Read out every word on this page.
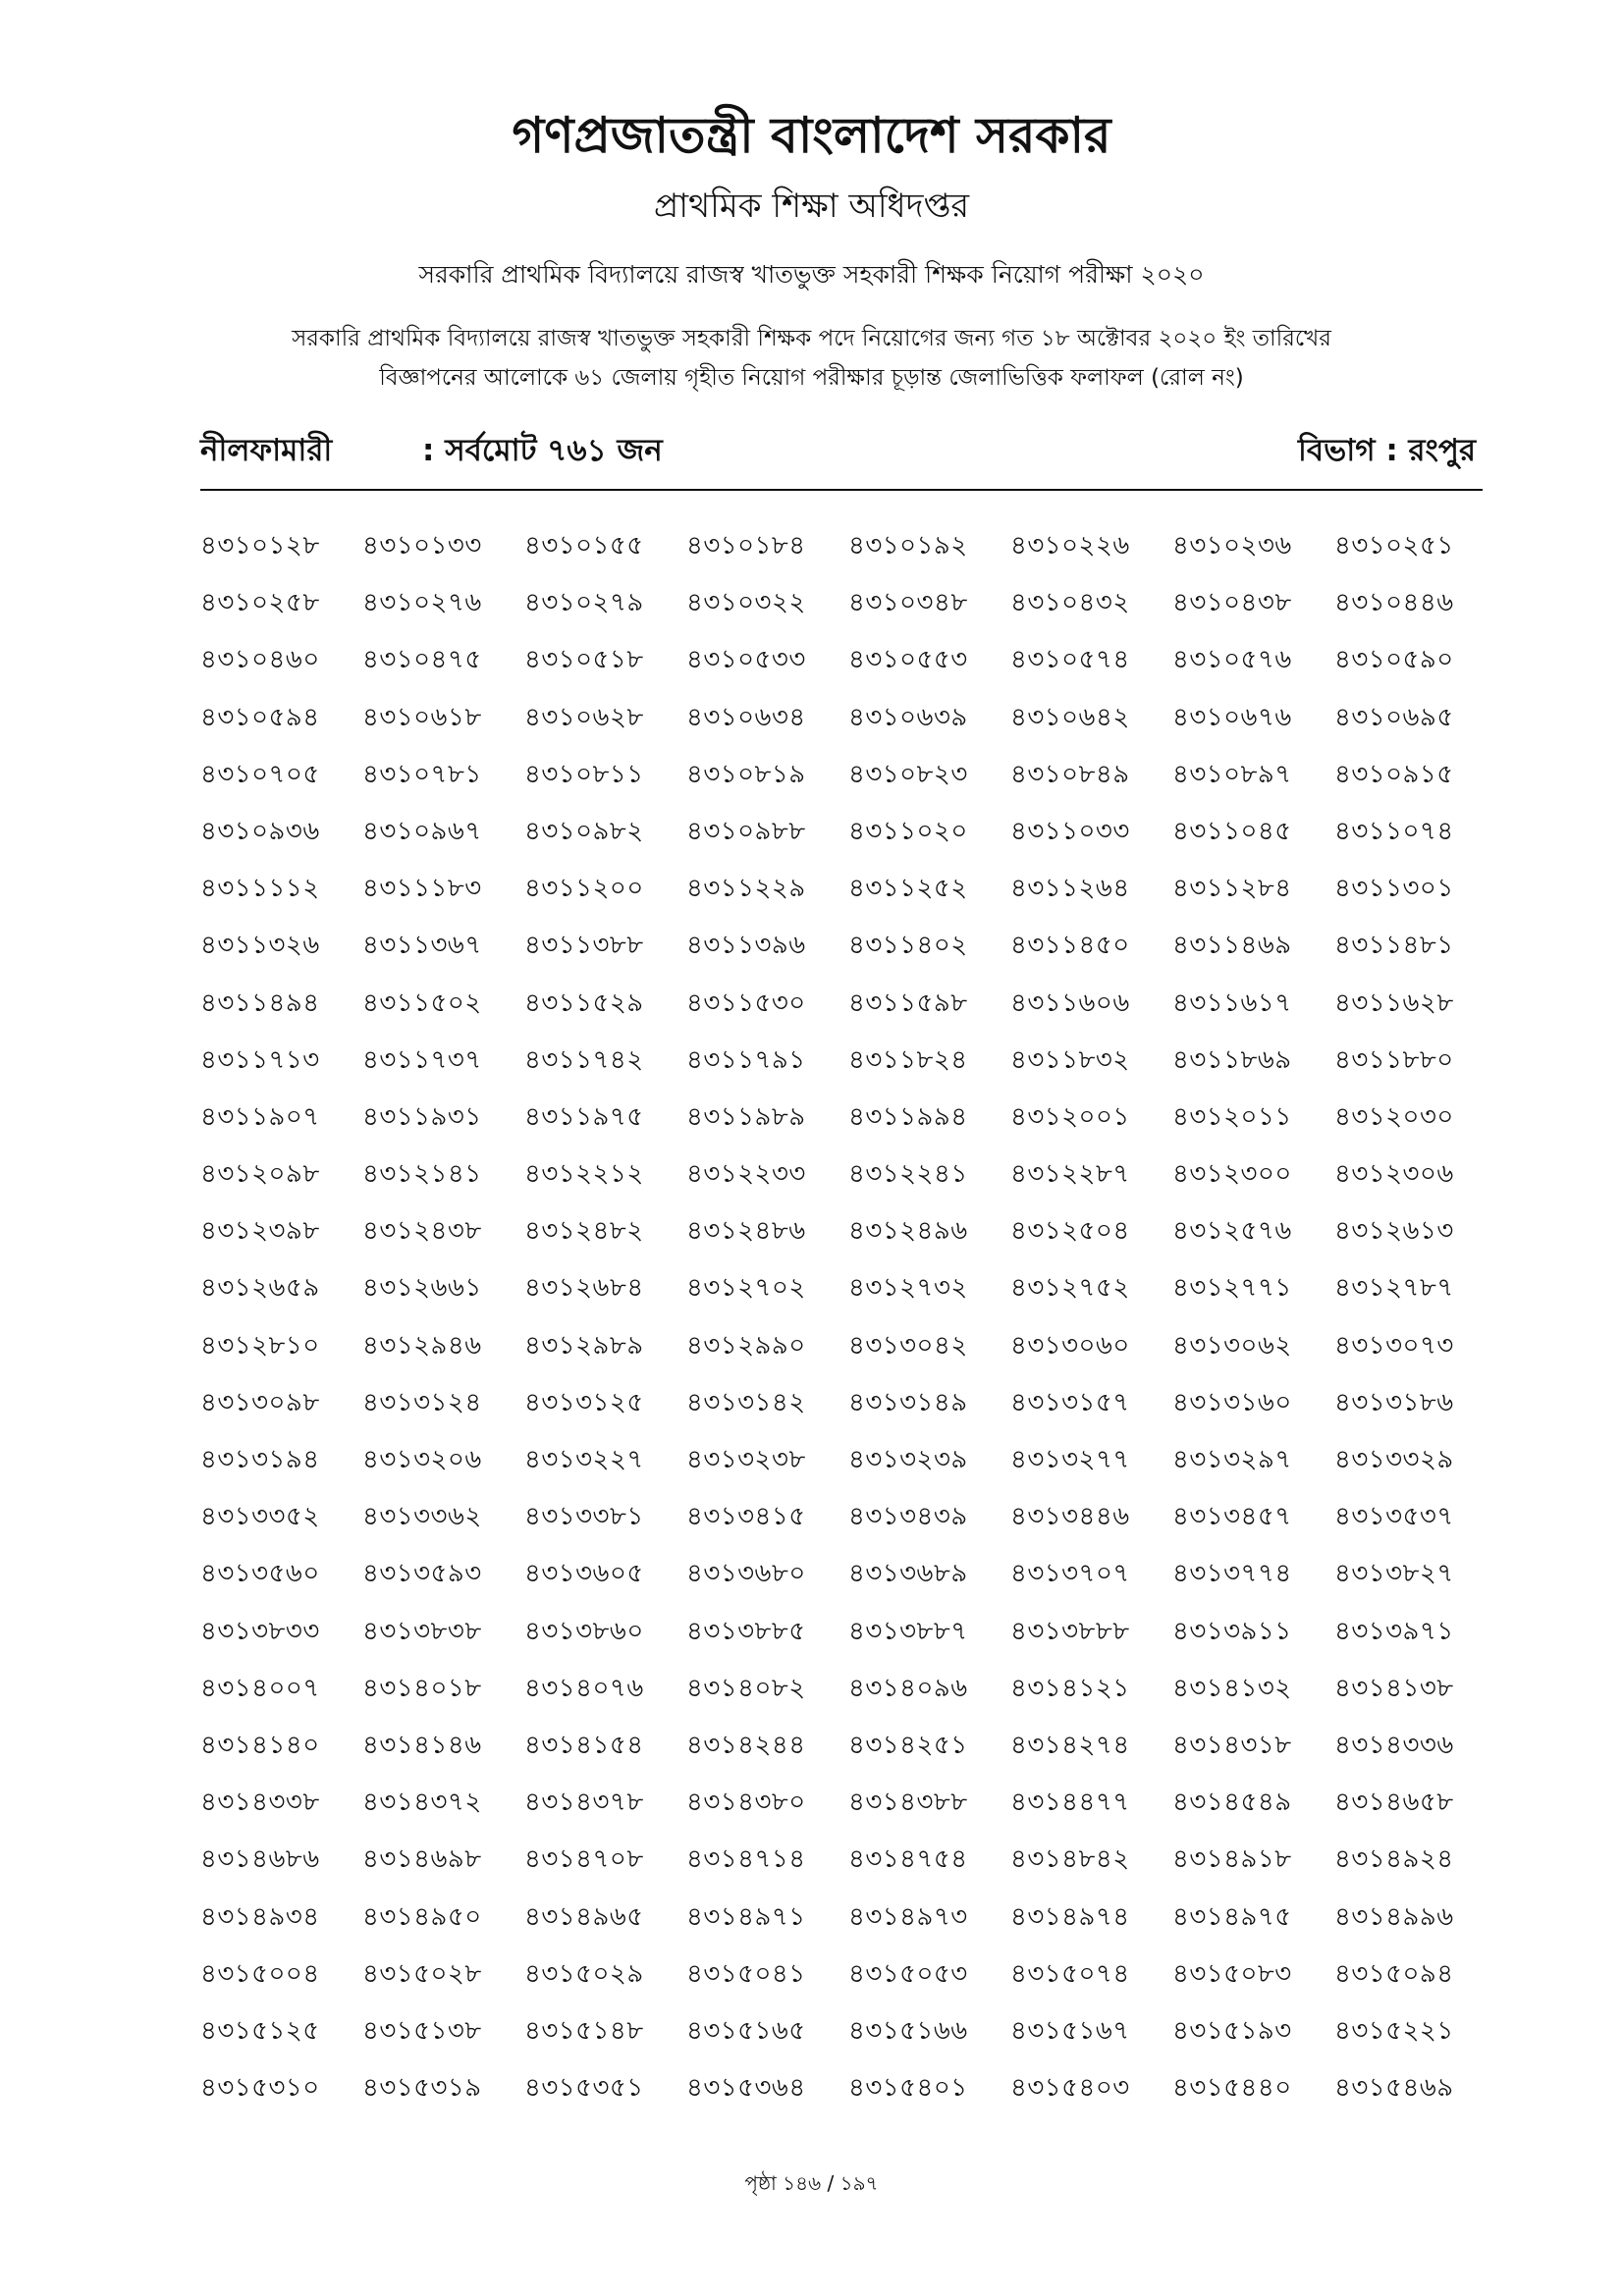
গণপ্রজাতন্ত্রী বাংলাদেশ সরকার
প্রাথমিক শিক্ষা অধিদপ্তর
সরকারি প্রাথমিক বিদ্যালয়ে রাজস্ব খাতভুক্ত সহকারী শিক্ষক নিয়োগ পরীক্ষা ২০২০
সরকারি প্রাথমিক বিদ্যালয়ে রাজস্ব খাতভুক্ত সহকারী শিক্ষক পদে নিয়োগের জন্য গত ১৮ অক্টোবর ২০২০ ইং তারিখের
বিজ্ঞাপনের আলোকে ৬১ জেলায় গৃহীত নিয়োগ পরীক্ষার চূড়ান্ত জেলাভিত্তিক ফলাফল (রোল নং)
নীলফামারী	: সর্বমোট ৭৬১ জন	বিভাগ : রংপুর
৪৩১০১২৮	৪৩১০১৩৩	৪৩১০১৫৫	৪৩১০১৮৪	৪৩১০১৯২	৪৩১০২২৬	৪৩১০২৩৬	৪৩১০২৫১
৪৩১০২৫৮	৪৩১০২৭৬	৪৩১০২৭৯	৪৩১০৩২২	৪৩১০৩৪৮	৪৩১০৪৩২	৪৩১০৪৩৮	৪৩১০৪৪৬
৪৩১০৪৬০	৪৩১০৪৭৫	৪৩১০৫১৮	৪৩১০৫৩৩	৪৩১০৫৫৩	৪৩১০৫৭৪	৪৩১০৫৭৬	৪৩১০৫৯০
৪৩১০৫৯৪	৪৩১০৬১৮	৪৩১০৬২৮	৪৩১০৬৩৪	৪৩১০৬৩৯	৪৩১০৬৪২	৪৩১০৬৭৬	৪৩১০৬৯৫
৪৩১০৭০৫	৪৩১০৭৮১	৪৩১০৮১১	৪৩১০৮১৯	৪৩১০৮২৩	৪৩১০৮৪৯	৪৩১০৮৯৭	৪৩১০৯১৫
৪৩১০৯৩৬	৪৩১০৯৬৭	৪৩১০৯৮২	৪৩১০৯৮৮	৪৩১১০২০	৪৩১১০৩৩	৪৩১১০৪৫	৪৩১১০৭৪
৪৩১১১১২	৪৩১১১৮৩	৪৩১১২০০	৪৩১১২২৯	৪৩১১২৫২	৪৩১১২৬৪	৪৩১১২৮৪	৪৩১১৩০১
৪৩১১৩২৬	৪৩১১৩৬৭	৪৩১১৩৮৮	৪৩১১৩৯৬	৪৩১১৪০২	৪৩১১৪৫০	৪৩১১৪৬৯	৪৩১১৪৮১
৪৩১১৪৯৪	৪৩১১৫০২	৪৩১১৫২৯	৪৩১১৫৩০	৪৩১১৫৯৮	৪৩১১৬০৬	৪৩১১৬১৭	৪৩১১৬২৮
৪৩১১৭১৩	৪৩১১৭৩৭	৪৩১১৭৪২	৪৩১১৭৯১	৪৩১১৮২৪	৪৩১১৮৩২	৪৩১১৮৬৯	৪৩১১৮৮০
৪৩১১৯০৭	৪৩১১৯৩১	৪৩১১৯৭৫	৪৩১১৯৮৯	৪৩১১৯৯৪	৪৩১২০০১	৪৩১২০১১	৪৩১২০৩০
৪৩১২০৯৮	৪৩১২১৪১	৪৩১২২১২	৪৩১২২৩৩	৪৩১২২৪১	৪৩১২২৮৭	৪৩১২৩০০	৪৩১২৩০৬
৪৩১২৩৯৮	৪৩১২৪৩৮	৪৩১২৪৮২	৪৩১২৪৮৬	৪৩১২৪৯৬	৪৩১২৫০৪	৪৩১২৫৭৬	৪৩১২৬১৩
৪৩১২৬৫৯	৪৩১২৬৬১	৪৩১২৬৮৪	৪৩১২৭০২	৪৩১২৭৩২	৪৩১২৭৫২	৪৩১২৭৭১	৪৩১২৭৮৭
৪৩১২৮১০	৪৩১২৯৪৬	৪৩১২৯৮৯	৪৩১২৯৯০	৪৩১৩০৪২	৪৩১৩০৬০	৪৩১৩০৬২	৪৩১৩০৭৩
৪৩১৩০৯৮	৪৩১৩১২৪	৪৩১৩১২৫	৪৩১৩১৪২	৪৩১৩১৪৯	৪৩১৩১৫৭	৪৩১৩১৬০	৪৩১৩১৮৬
৪৩১৩১৯৪	৪৩১৩২০৬	৪৩১৩২২৭	৪৩১৩২৩৮	৪৩১৩২৩৯	৪৩১৩২৭৭	৪৩১৩২৯৭	৪৩১৩৩২৯
৪৩১৩৩৫২	৪৩১৩৩৬২	৪৩১৩৩৮১	৪৩১৩৪১৫	৪৩১৩৪৩৯	৪৩১৩৪৪৬	৪৩১৩৪৫৭	৪৩১৩৫৩৭
৪৩১৩৫৬০	৪৩১৩৫৯৩	৪৩১৩৬০৫	৪৩১৩৬৮০	৪৩১৩৬৮৯	৪৩১৩৭০৭	৪৩১৩৭৭৪	৪৩১৩৮২৭
৪৩১৩৮৩৩	৪৩১৩৮৩৮	৪৩১৩৮৬০	৪৩১৩৮৮৫	৪৩১৩৮৮৭	৪৩১৩৮৮৮	৪৩১৩৯১১	৪৩১৩৯৭১
৪৩১৪০০৭	৪৩১৪০১৮	৪৩১৪০৭৬	৪৩১৪০৮২	৪৩১৪০৯৬	৪৩১৪১২১	৪৩১৪১৩২	৪৩১৪১৩৮
৪৩১৪১৪০	৪৩১৪১৪৬	৪৩১৪১৫৪	৪৩১৪২৪৪	৪৩১৪২৫১	৪৩১৪২৭৪	৪৩১৪৩১৮	৪৩১৪৩৩৬
৪৩১৪৩৩৮	৪৩১৪৩৭২	৪৩১৪৩৭৮	৪৩১৪৩৮০	৪৩১৪৩৮৮	৪৩১৪৪৭৭	৪৩১৪৫৪৯	৪৩১৪৬৫৮
৪৩১৪৬৮৬	৪৩১৪৬৯৮	৪৩১৪৭০৮	৪৩১৪৭১৪	৪৩১৪৭৫৪	৪৩১৪৮৪২	৪৩১৪৯১৮	৪৩১৪৯২৪
৪৩১৪৯৩৪	৪৩১৪৯৫০	৪৩১৪৯৬৫	৪৩১৪৯৭১	৪৩১৪৯৭৩	৪৩১৪৯৭৪	৪৩১৪৯৭৫	৪৩১৪৯৯৬
৪৩১৫০০৪	৪৩১৫০২৮	৪৩১৫০২৯	৪৩১৫০৪১	৪৩১৫০৫৩	৪৩১৫০৭৪	৪৩১৫০৮৩	৪৩১৫০৯৪
৪৩১৫১২৫	৪৩১৫১৩৮	৪৩১৫১৪৮	৪৩১৫১৬৫	৪৩১৫১৬৬	৪৩১৫১৬৭	৪৩১৫১৯৩	৪৩১৫২২১
৪৩১৫৩১০	৪৩১৫৩১৯	৪৩১৫৩৫১	৪৩১৫৩৬৪	৪৩১৫৪০১	৪৩১৫৪০৩	৪৩১৫৪৪০	৪৩১৫৪৬৯
পৃষ্ঠা ১৪৬ / ১৯৭
